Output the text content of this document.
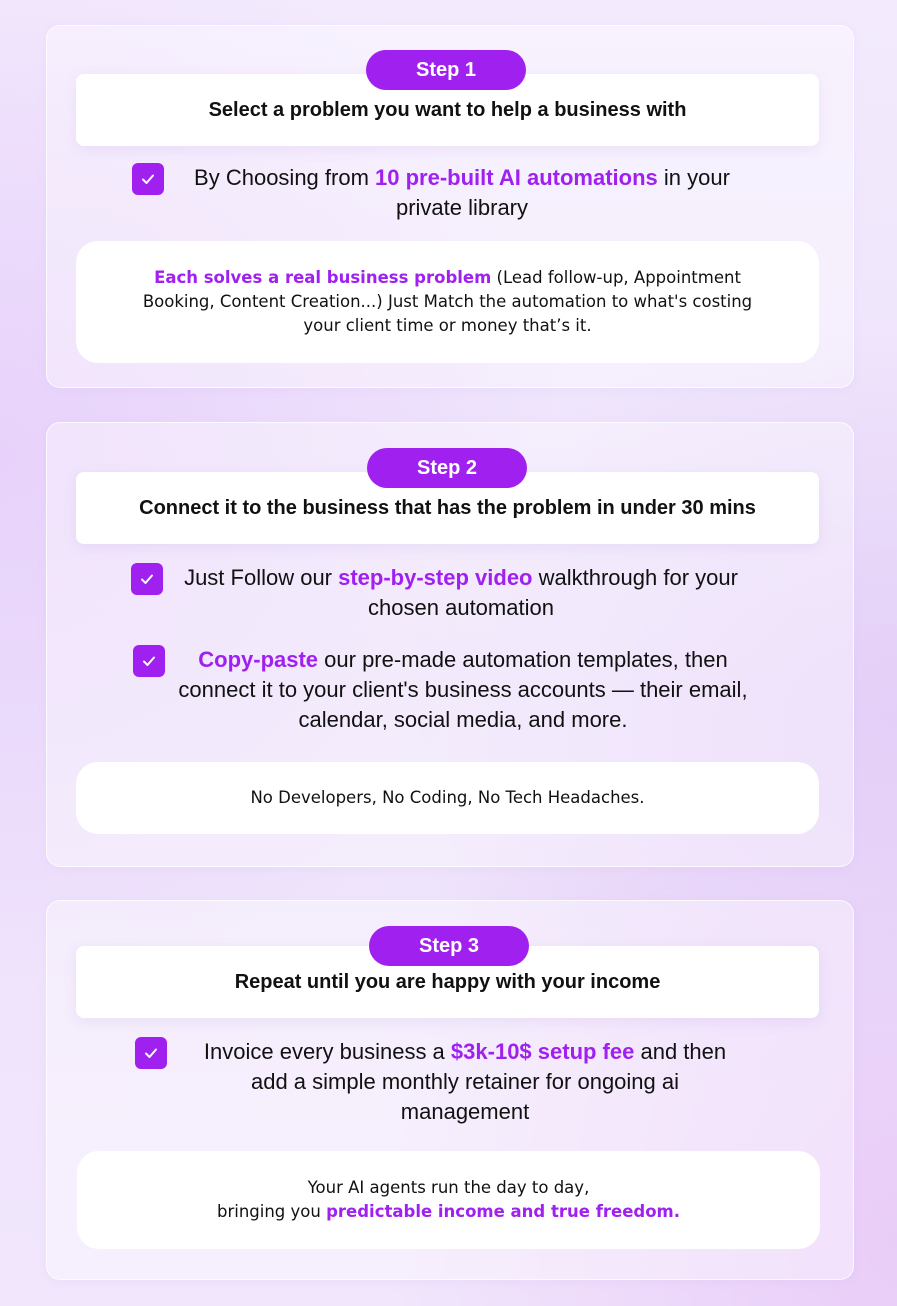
Step 1
Select a problem you want to help a business with
By Choosing from 10 pre-built AI automations in your private library
Each solves a real business problem (Lead follow-up, Appointment Booking, Content Creation...) Just Match the automation to what's costing your client time or money that’s it.
Step 2
Connect it to the business that has the problem in under 30 mins
Just Follow our step-by-step video walkthrough for your chosen automation
Copy-paste our pre-made automation templates, then connect it to your client's business accounts — their email, calendar, social media, and more.
No Developers, No Coding, No Tech Headaches.
Step 3
Repeat until you are happy with your income
Invoice every business a $3k-10$ setup fee and then add a simple monthly retainer for ongoing ai management
Your AI agents run the day to day,
bringing you predictable income and true freedom.
